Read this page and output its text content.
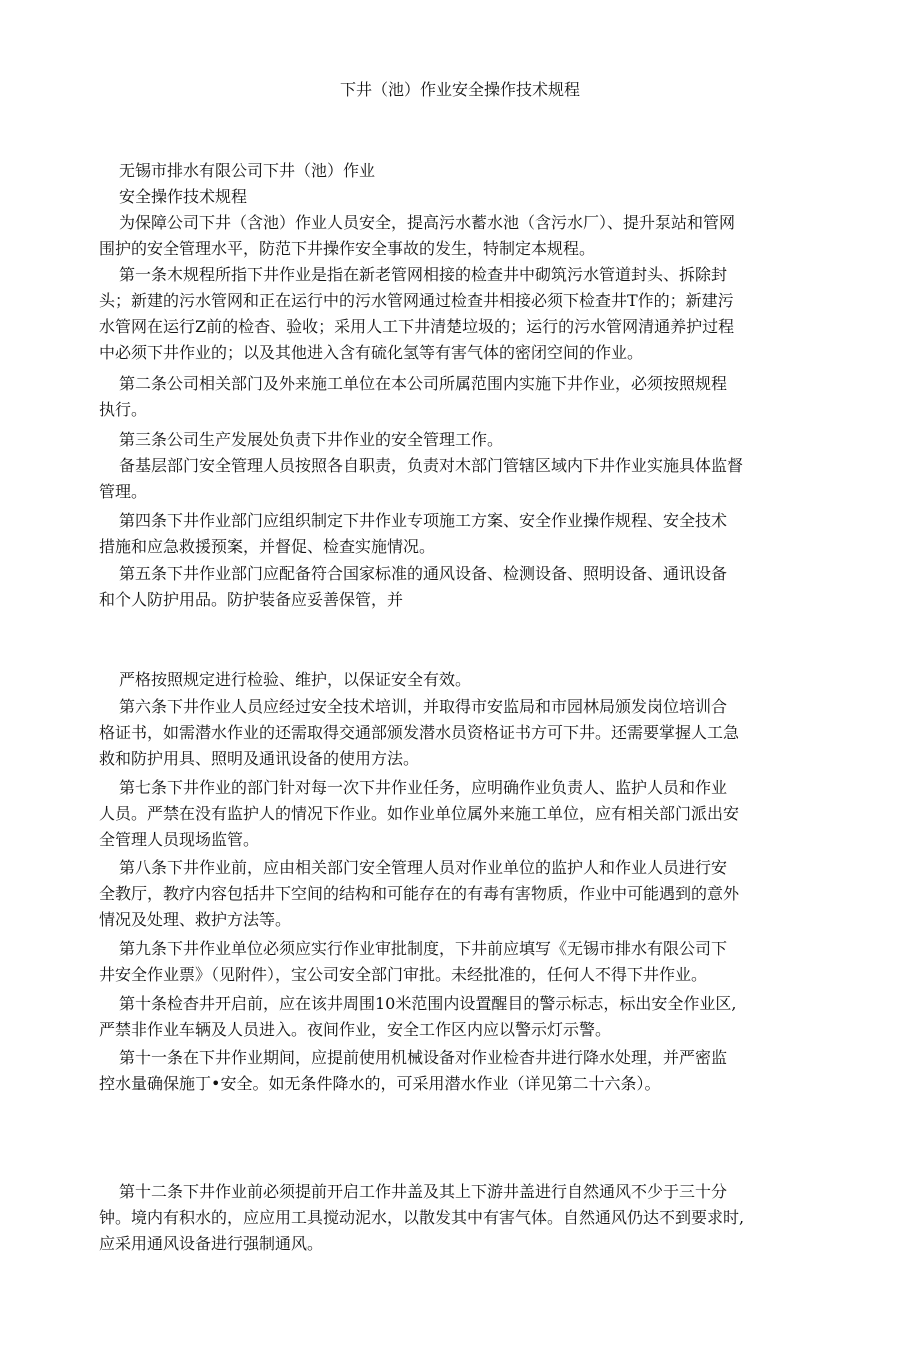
下井（池）作业安全操作技术规程

无锡市排水有限公司下井（池）作业

安全操作技术规程

为保障公司下井（含池）作业人员安全，提高污水蓄水池（含污水厂）、提升泵站和管网

围护的安全管理水平，防范下井操作安全事故的发生，特制定本规程。

第一条木规程所指下井作业是指在新老管网相接的检查井中砌筑污水管道封头、拆除封

头；新建的污水管网和正在运行中的污水管网通过检查井相接必须下检查井T作的；新建污

水管网在运行Z前的检杳、验收；采用人工下井清楚垃圾的；运行的污水管网清通养护过程

中必须下井作业的；以及其他进入含有硫化氢等有害气体的密闭空间的作业。

第二条公司相关部门及外来施工单位在本公司所属范围内实施下井作业，必须按照规程

执行。

第三条公司生产发展处负责下井作业的安全管理工作。

备基层部门安全管理人员按照各自职责，负责对木部门管辖区域内下井作业实施具体监督

管理。

第四条下井作业部门应组织制定下井作业专项施工方案、安全作业操作规程、安全技术

措施和应急救援预案，并督促、检查实施情况。

第五条下井作业部门应配备符合国家标准的通风设备、检测设备、照明设备、通讯设备

和个人防护用品。防护装备应妥善保管，并

严格按照规定进行检验、维护，以保证安全有效。

第六条下井作业人员应经过安全技术培训，并取得市安监局和市园林局颁发岗位培训合

格证书，如需潜水作业的还需取得交通部颁发潜水员资格证书方可下井。还需要掌握人工急

救和防护用具、照明及通讯设备的使用方法。

第七条下井作业的部门针对每一次下井作业任务，应明确作业负责人、监护人员和作业

人员。严禁在没有监护人的情况下作业。如作业单位属外来施工单位，应有相关部门派出安

全管理人员现场监管。

第八条下井作业前，应由相关部门安全管理人员对作业单位的监护人和作业人员进行安

全教厅，教疗内容包括井下空间的结构和可能存在的有毒有害物质，作业中可能遇到的意外

情况及处理、救护方法等。

第九条下井作业单位必须应实行作业审批制度，下井前应填写《无锡市排水有限公司下

井安全作业票》（见附件），宝公司安全部门审批。未经批准的，任何人不得下井作业。

第十条检杳井开启前，应在该井周围10米范围内设置醒目的警示标志，标出安全作业区,

严禁非作业车辆及人员进入。夜间作业，安全工作区内应以警示灯示警。

第十一条在下井作业期间，应提前使用机械设备对作业检杳井进行降水处理，并严密监

控水量确保施丁•安全。如无条件降水的，可采用潜水作业（详见第二十六条）。

第十二条下井作业前必须提前开启工作井盖及其上下游井盖进行自然通风不少于三十分

钟。境内有积水的，应应用工具搅动泥水，以散发其中有害气体。自然通风仍达不到要求时,

应采用通风设备进行强制通风。
